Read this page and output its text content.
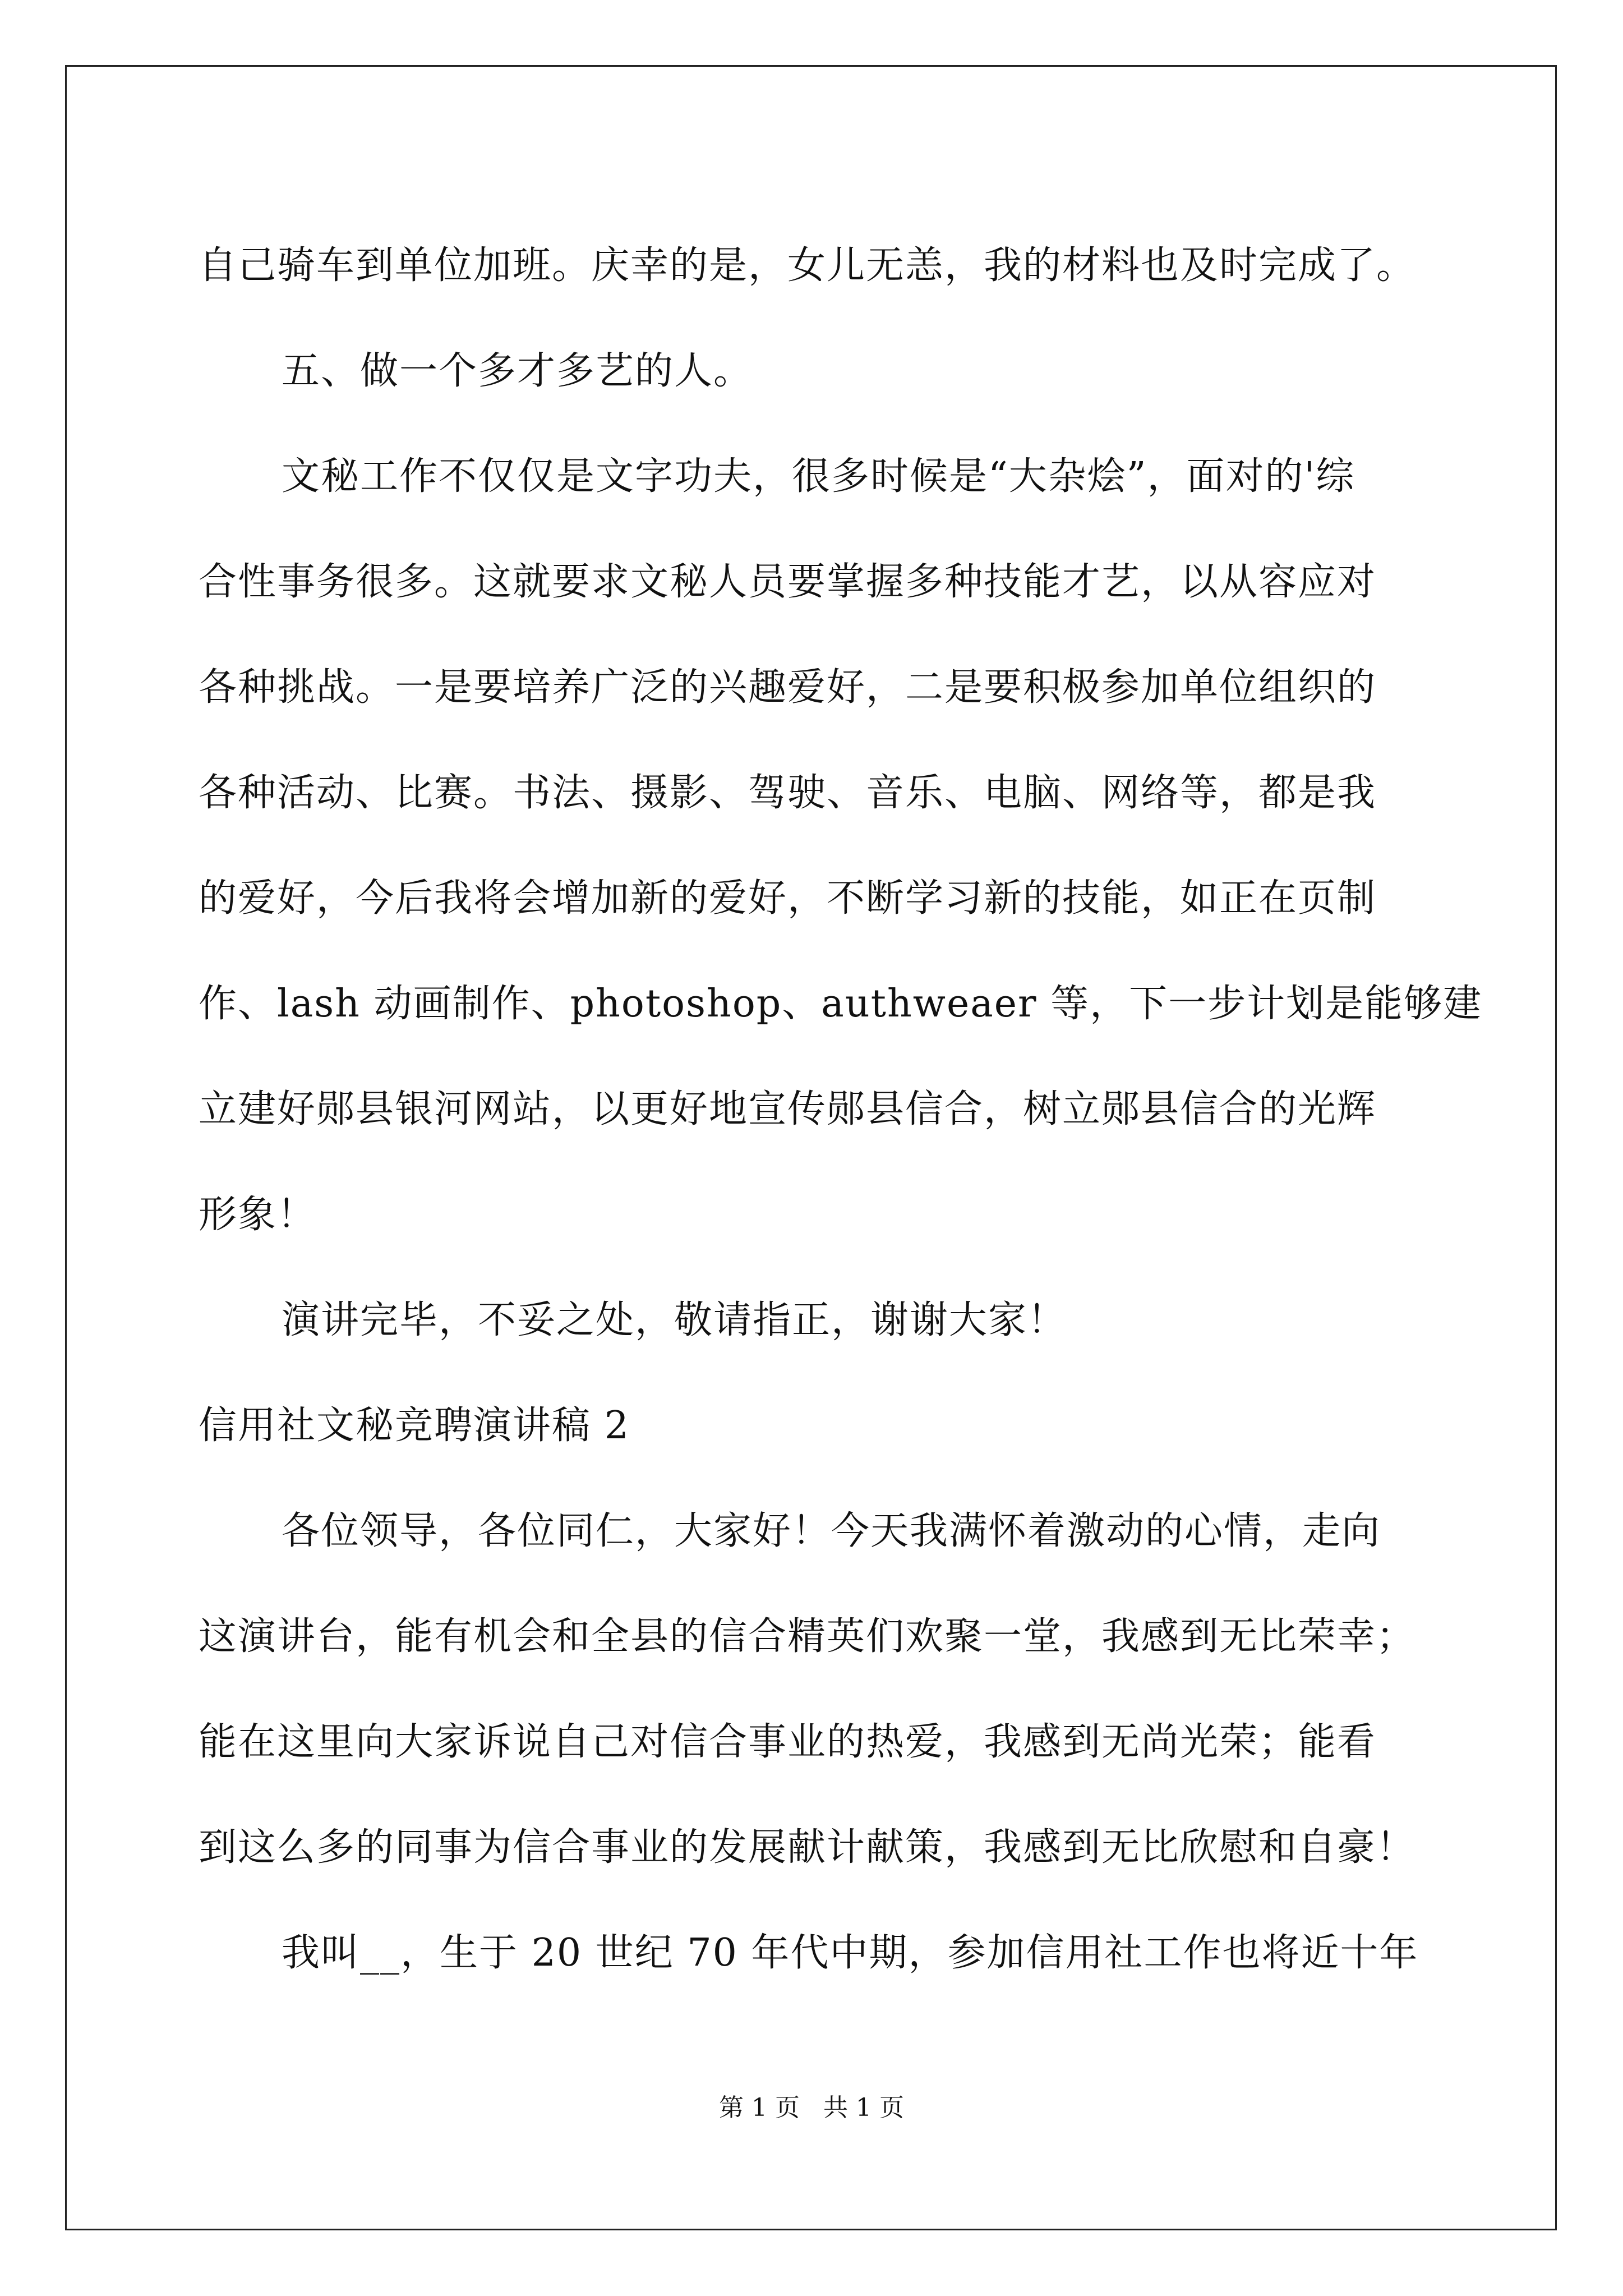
自己骑车到单位加班。庆幸的是，女儿无恙，我的材料也及时完成了。
五、做一个多才多艺的人。
文秘工作不仅仅是文字功夫，很多时候是“大杂烩”，面对的'综
合性事务很多。这就要求文秘人员要掌握多种技能才艺，以从容应对
各种挑战。一是要培养广泛的兴趣爱好，二是要积极参加单位组织的
各种活动、比赛。书法、摄影、驾驶、音乐、电脑、网络等，都是我
的爱好，今后我将会增加新的爱好，不断学习新的技能，如正在页制
作、lash 动画制作、photoshop、authweaer 等，下一步计划是能够建
立建好郧县银河网站，以更好地宣传郧县信合，树立郧县信合的光辉
形象！
演讲完毕，不妥之处，敬请指正，谢谢大家！
信用社文秘竞聘演讲稿 2
各位领导，各位同仁，大家好！今天我满怀着激动的心情，走向
这演讲台，能有机会和全县的信合精英们欢聚一堂，我感到无比荣幸；
能在这里向大家诉说自己对信合事业的热爱，我感到无尚光荣；能看
到这么多的同事为信合事业的发展献计献策，我感到无比欣慰和自豪！
我叫__，生于 20 世纪 70 年代中期，参加信用社工作也将近十年
第 1 页   共 1 页
